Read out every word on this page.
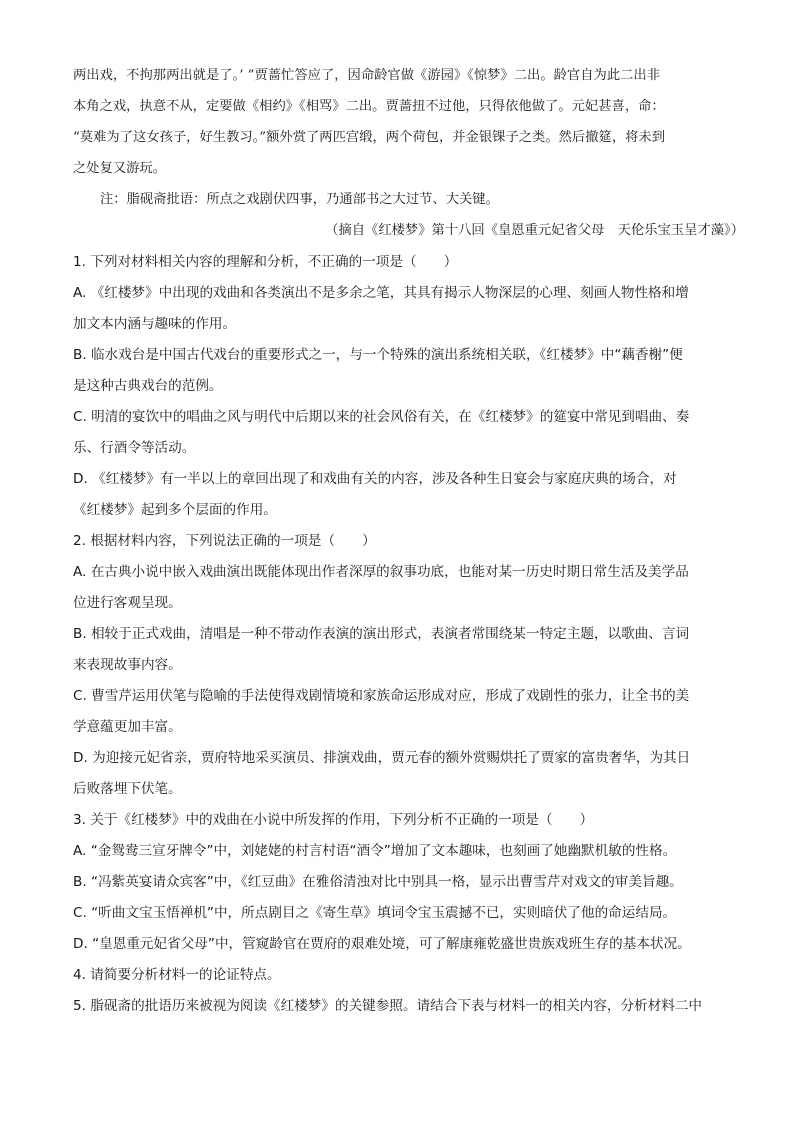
两出戏，不拘那两出就是了。’ ”贾蔷忙答应了，因命龄官做《游园》《惊梦》二出。龄官自为此二出非
本角之戏，执意不从，定要做《相约》《相骂》二出。贾蔷扭不过他，只得依他做了。元妃甚喜，命：
“莫难为了这女孩子，好生教习。”额外赏了两匹宫缎，两个荷包，并金银锞子之类。然后撤筵，将未到
之处复又游玩。
注：脂砚斋批语：所点之戏剧伏四事，乃通部书之大过节、大关键。
（摘自《红楼梦》第十八回《皇恩重元妃省父母　天伦乐宝玉呈才藻》）
1. 下列对材料相关内容的理解和分析，不正确的一项是（　　）
A. 《红楼梦》中出现的戏曲和各类演出不是多余之笔，其具有揭示人物深层的心理、刻画人物性格和增
加文本内涵与趣味的作用。
B. 临水戏台是中国古代戏台的重要形式之一，与一个特殊的演出系统相关联，《红楼梦》中“藕香榭”便
是这种古典戏台的范例。
C. 明清的宴饮中的唱曲之风与明代中后期以来的社会风俗有关，在《红楼梦》的筵宴中常见到唱曲、奏
乐、行酒令等活动。
D. 《红楼梦》有一半以上的章回出现了和戏曲有关的内容，涉及各种生日宴会与家庭庆典的场合，对
《红楼梦》起到多个层面的作用。
2. 根据材料内容，下列说法正确的一项是（　　）
A. 在古典小说中嵌入戏曲演出既能体现出作者深厚的叙事功底，也能对某一历史时期日常生活及美学品
位进行客观呈现。
B. 相较于正式戏曲，清唱是一种不带动作表演的演出形式，表演者常围绕某一特定主题，以歌曲、言词
来表现故事内容。
C. 曹雪芹运用伏笔与隐喻的手法使得戏剧情境和家族命运形成对应，形成了戏剧性的张力，让全书的美
学意蕴更加丰富。
D. 为迎接元妃省亲，贾府特地采买演员、排演戏曲，贾元春的额外赏赐烘托了贾家的富贵奢华，为其日
后败落埋下伏笔。
3. 关于《红楼梦》中的戏曲在小说中所发挥的作用，下列分析不正确的一项是（　　）
A. “金鸳鸯三宣牙牌令”中，刘姥姥的村言村语“酒令”增加了文本趣味，也刻画了她幽默机敏的性格。
B. “冯紫英宴请众宾客”中，《红豆曲》在雅俗清浊对比中别具一格，显示出曹雪芹对戏文的审美旨趣。
C. “听曲文宝玉悟禅机”中，所点剧目之《寄生草》填词令宝玉震撼不已，实则暗伏了他的命运结局。
D. “皇恩重元妃省父母”中，管窥龄官在贾府的艰难处境，可了解康雍乾盛世贵族戏班生存的基本状况。
4. 请简要分析材料一的论证特点。
5. 脂砚斋的批语历来被视为阅读《红楼梦》的关键参照。请结合下表与材料一的相关内容，分析材料二中
